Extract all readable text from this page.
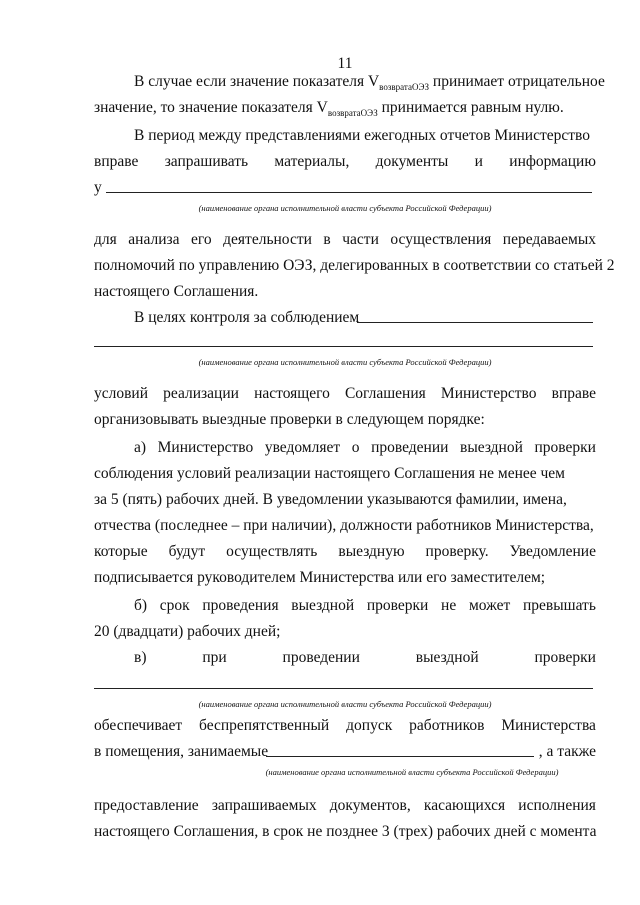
11
В случае если значение показателя $V_{возвратаОЭЗ}$ принимает отрицательное
значение, то значение показателя $V_{возвратаОЭЗ}$ принимается равным нулю.
В период между представлениями ежегодных отчетов Министерство
вправе запрашивать материалы, документы и информацию
у
(наименование органа исполнительной власти субъекта Российской Федерации)
для анализа его деятельности в части осуществления передаваемых
полномочий по управлению ОЭЗ, делегированных в соответствии со статьей 2
настоящего Соглашения.
В целях контроля за соблюдением
(наименование органа исполнительной власти субъекта Российской Федерации)
условий реализации настоящего Соглашения Министерство вправе
организовывать выездные проверки в следующем порядке:
а) Министерство уведомляет о проведении выездной проверки
соблюдения условий реализации настоящего Соглашения не менее чем
за 5 (пять) рабочих дней. В уведомлении указываются фамилии, имена,
отчества (последнее – при наличии), должности работников Министерства,
которые будут осуществлять выездную проверку. Уведомление
подписывается руководителем Министерства или его заместителем;
б) срок проведения выездной проверки не может превышать
20 (двадцати) рабочих дней;
в)	при	проведении	выездной	проверки
(наименование органа исполнительной власти субъекта Российской Федерации)
обеспечивает беспрепятственный допуск работников Министерства
в помещения, занимаемые	, а также
(наименование органа исполнительной власти субъекта Российской Федерации)
предоставление запрашиваемых документов, касающихся исполнения
настоящего Соглашения, в срок не позднее 3 (трех) рабочих дней с момента
